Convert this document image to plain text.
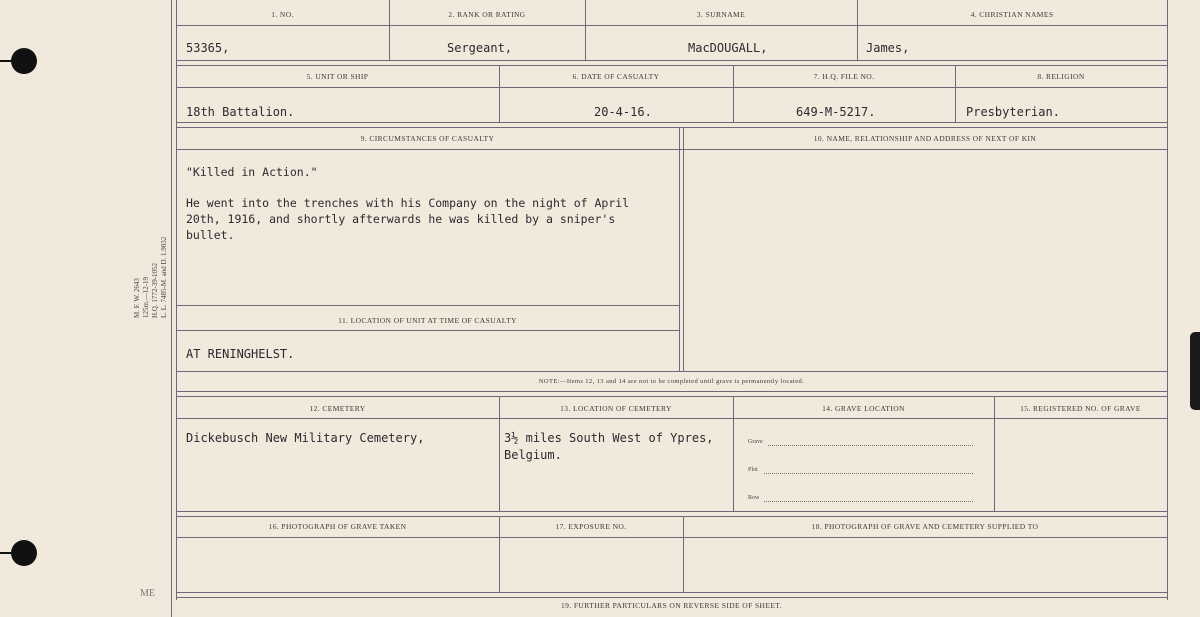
M. F. W. 2643 125m.—12-19 H.Q. 1772-39-1052 L. L. 7485-M. and D. 1.9032
ME
1. NO.	2. RANK OR RATING	3. SURNAME	4. CHRISTIAN NAMES
53365,	Sergeant,	MacDOUGALL,	James,
5. UNIT OR SHIP	6. DATE OF CASUALTY	7. H.Q. FILE NO.	8. RELIGION
18th Battalion.	20-4-16.	649-M-5217.	Presbyterian.
9. CIRCUMSTANCES OF CASUALTY	10. NAME, RELATIONSHIP AND ADDRESS OF NEXT OF KIN
"Killed in Action."
He went into the trenches with his Company on the night of April
20th, 1916, and shortly afterwards he was killed by a sniper's
bullet.
11. LOCATION OF UNIT AT TIME OF CASUALTY
AT RENINGHELST.
NOTE:—Items 12, 13 and 14 are not to be completed until grave is permanently located.
12. CEMETERY	13. LOCATION OF CEMETERY	14. GRAVE LOCATION	15. REGISTERED NO. OF GRAVE
Dickebusch New Military Cemetery,	3½ miles South West of Ypres,
Belgium.
Grave
Plot
Row
16. PHOTOGRAPH OF GRAVE TAKEN	17. EXPOSURE NO.	18. PHOTOGRAPH OF GRAVE AND CEMETERY SUPPLIED TO
19. FURTHER PARTICULARS ON REVERSE SIDE OF SHEET.
